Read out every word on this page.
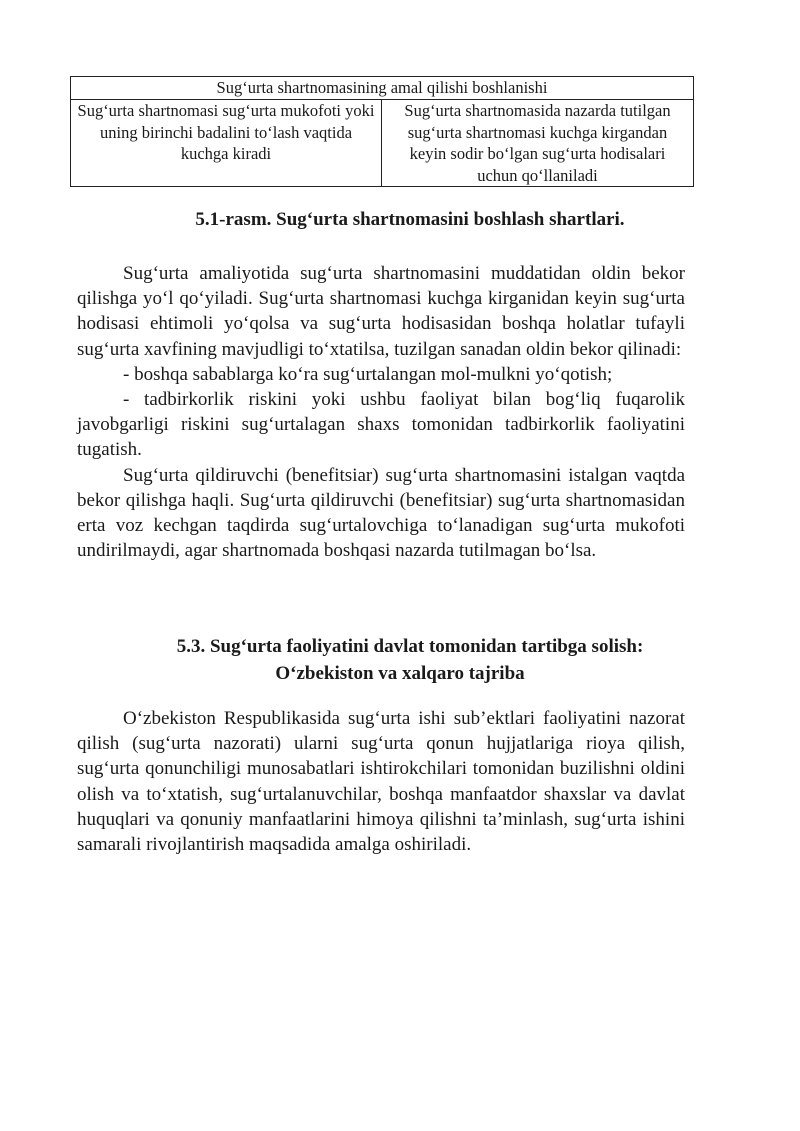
Sug‘urta shartnomasining amal qilishi boshlanishi
Sug‘urta shartnomasi sug‘urta mukofoti yoki uning birinchi badalini to‘lash vaqtida kuchga kiradi
Sug‘urta shartnomasida nazarda tutilgan sug‘urta shartnomasi kuchga kirgandan keyin sodir bo‘lgan sug‘urta hodisalari uchun qo‘llaniladi
5.1-rasm. Sug‘urta shartnomasini boshlash shartlari.

Sug‘urta amaliyotida sug‘urta shartnomasini muddatidan oldin bekor qilishga yo‘l qo‘yiladi. Sug‘urta shartnomasi kuchga kirganidan keyin sug‘urta hodisasi ehtimoli yo‘qolsa va sug‘urta hodisasidan boshqa holatlar tufayli sug‘urta xavfining mavjudligi to‘xtatilsa, tuzilgan sanadan oldin bekor qilinadi:

- boshqa sabablarga ko‘ra sug‘urtalangan mol-mulkni yo‘qotish;

- tadbirkorlik riskini yoki ushbu faoliyat bilan bog‘liq fuqarolik javobgarligi riskini sug‘urtalagan shaxs tomonidan tadbirkorlik faoliyatini tugatish.

Sug‘urta qildiruvchi (benefitsiar) sug‘urta shartnomasini istalgan vaqtda bekor qilishga haqli. Sug‘urta qildiruvchi (benefitsiar) sug‘urta shartnomasidan erta voz kechgan taqdirda sug‘urtalovchiga to‘lanadigan sug‘urta mukofoti undirilmaydi, agar shartnomada boshqasi nazarda tutilmagan bo‘lsa.

5.3. Sug‘urta faoliyatini davlat tomonidan tartibga solish:
O‘zbekiston va xalqaro tajriba

O‘zbekiston Respublikasida sug‘urta ishi sub’ektlari faoliyatini nazorat qilish (sug‘urta nazorati) ularni sug‘urta qonun hujjatlariga rioya qilish, sug‘urta qonunchiligi munosabatlari ishtirokchilari tomonidan buzilishni oldini olish va to‘xtatish, sug‘urtalanuvchilar, boshqa manfaatdor shaxslar va davlat huquqlari va qonuniy manfaatlarini himoya qilishni ta’minlash, sug‘urta ishini samarali rivojlantirish maqsadida amalga oshiriladi.
